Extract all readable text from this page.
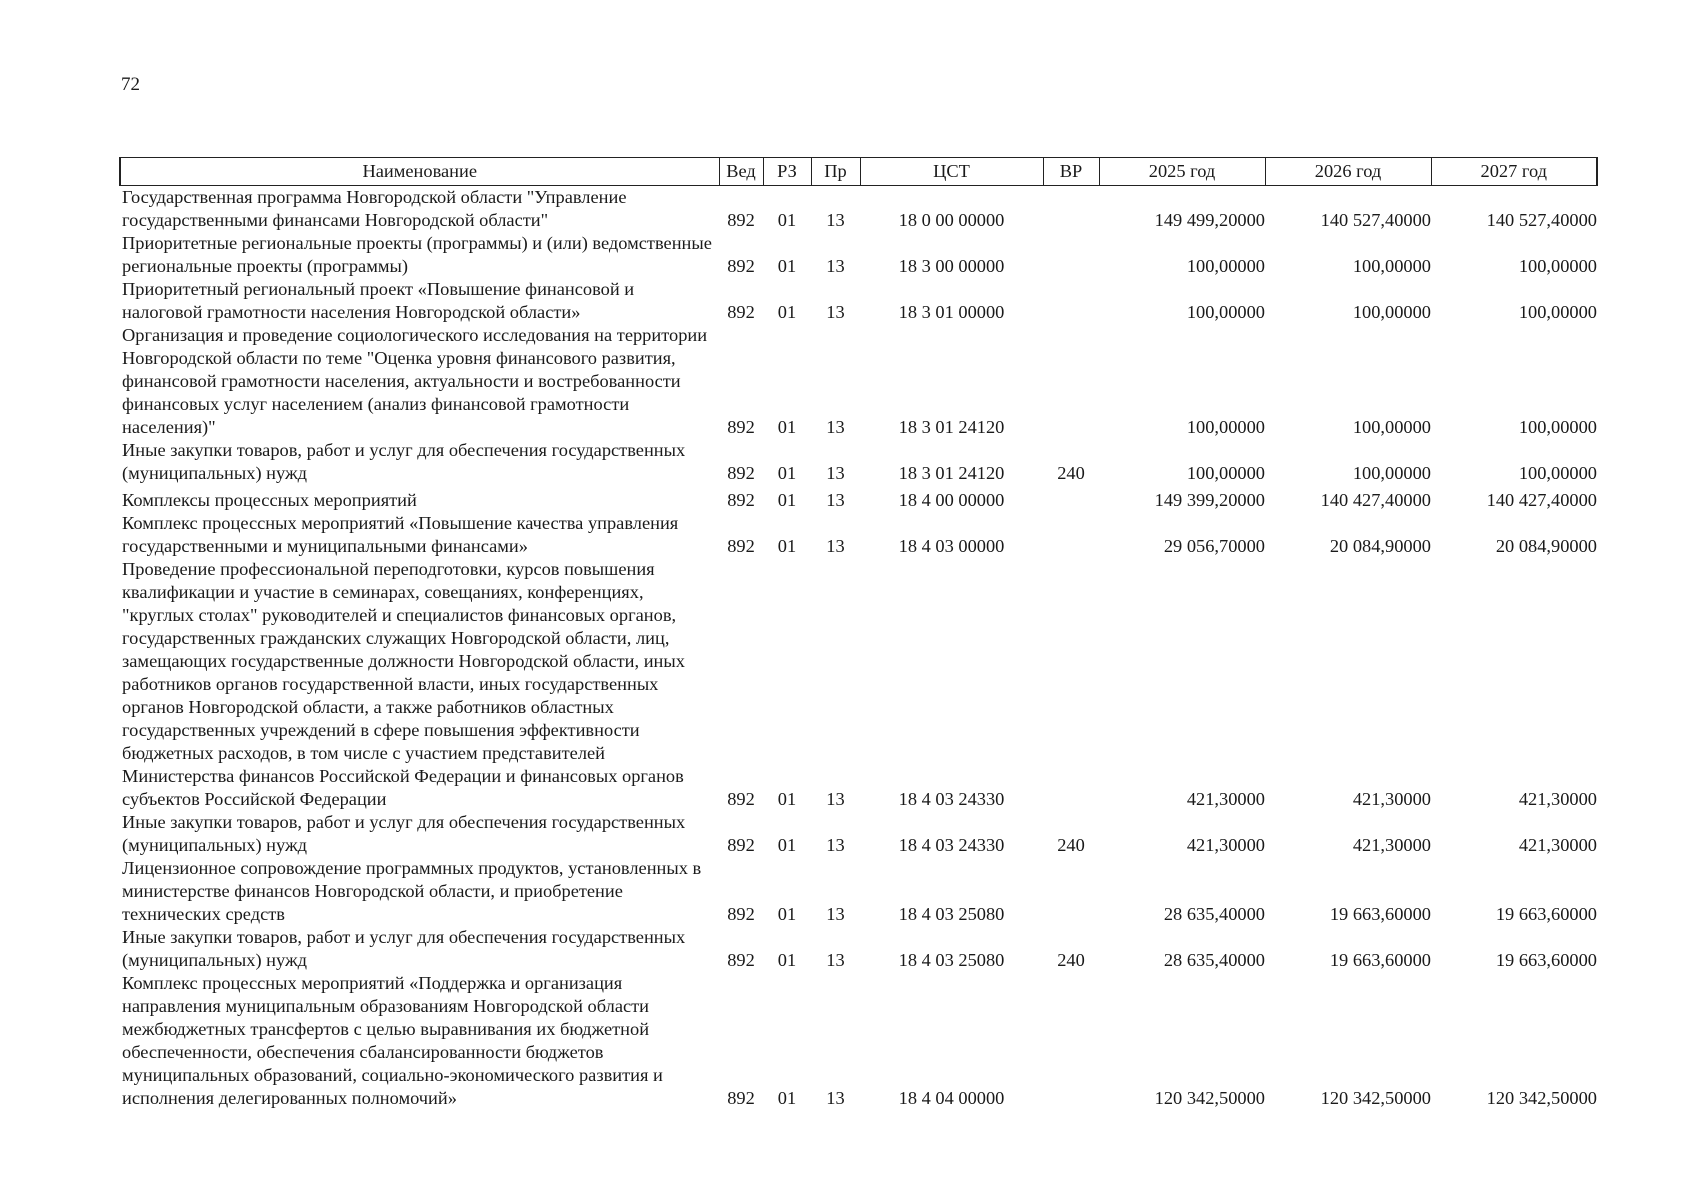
72
Наименование	Вед	РЗ	Пр	ЦСТ	ВР	2025 год	2026 год	2027 год
Государственная программа Новгородской области "Управление государственными финансами Новгородской области"	892	01	13	18 0 00 00000		149 499,20000	140 527,40000	140 527,40000
Приоритетные региональные проекты (программы) и (или) ведомственные региональные проекты (программы)	892	01	13	18 3 00 00000		100,00000	100,00000	100,00000
Приоритетный региональный проект «Повышение финансовой и налоговой грамотности населения Новгородской области»	892	01	13	18 3 01 00000		100,00000	100,00000	100,00000
Организация и проведение социологического исследования на территории Новгородской области по теме "Оценка уровня финансового развития, финансовой грамотности населения, актуальности и востребованности финансовых услуг населением (анализ финансовой грамотности населения)"	892	01	13	18 3 01 24120		100,00000	100,00000	100,00000
Иные закупки товаров, работ и услуг для обеспечения государственных (муниципальных) нужд	892	01	13	18 3 01 24120	240	100,00000	100,00000	100,00000
Комплексы процессных мероприятий	892	01	13	18 4 00 00000		149 399,20000	140 427,40000	140 427,40000
Комплекс процессных мероприятий «Повышение качества управления государственными и муниципальными финансами»	892	01	13	18 4 03 00000		29 056,70000	20 084,90000	20 084,90000
Проведение профессиональной переподготовки, курсов повышения квалификации и участие в семинарах, совещаниях, конференциях, "круглых столах" руководителей и специалистов финансовых органов, государственных гражданских служащих Новгородской области, лиц, замещающих государственные должности Новгородской области, иных работников органов государственной власти, иных государственных органов Новгородской области, а также работников областных государственных учреждений в сфере повышения эффективности бюджетных расходов, в том числе с участием представителей Министерства финансов Российской Федерации и финансовых органов субъектов Российской Федерации	892	01	13	18 4 03 24330		421,30000	421,30000	421,30000
Иные закупки товаров, работ и услуг для обеспечения государственных (муниципальных) нужд	892	01	13	18 4 03 24330	240	421,30000	421,30000	421,30000
Лицензионное сопровождение программных продуктов, установленных в министерстве финансов Новгородской области, и приобретение технических средств	892	01	13	18 4 03 25080		28 635,40000	19 663,60000	19 663,60000
Иные закупки товаров, работ и услуг для обеспечения государственных (муниципальных) нужд	892	01	13	18 4 03 25080	240	28 635,40000	19 663,60000	19 663,60000
Комплекс процессных мероприятий «Поддержка и организация направления муниципальным образованиям Новгородской области межбюджетных трансфертов с целью выравнивания их бюджетной обеспеченности, обеспечения сбалансированности бюджетов муниципальных образований, социально-экономического развития и исполнения делегированных полномочий»	892	01	13	18 4 04 00000		120 342,50000	120 342,50000	120 342,50000
